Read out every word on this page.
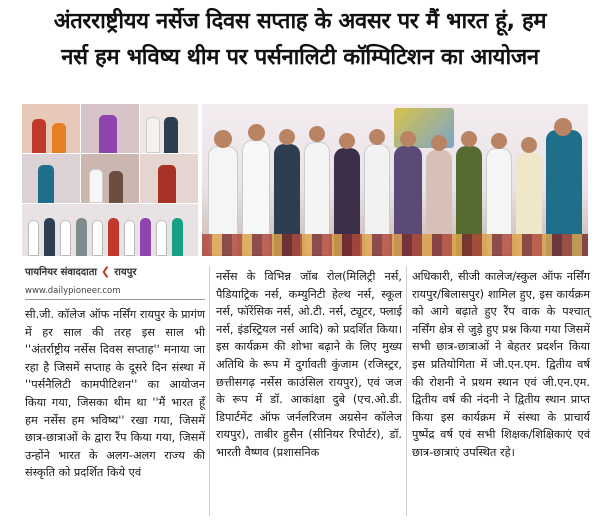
अंतरराष्ट्रीयय नर्सेज दिवस सप्ताह के अवसर पर मैं भारत हूं, हम
नर्स हम भविष्य थीम पर पर्सनालिटी कॉम्पिटिशन का आयोजन
पायनियर संवाददाता ❮ रायपुर
www.dailypioneer.com

सी.जी. कॉलेज ऑफ नर्सिंग रायपुर के प्रागंण में हर साल की तरह इस साल भी ''अंतर्राष्ट्रीय नर्सेस दिवस सप्ताह'' मनाया जा रहा है जिसमें सप्ताह के दूसरे दिन संस्था में ''पर्सनैलिटी कामपीटिशन'' का आयोजन किया गया, जिसका थीम था ''मैं भारत हूँ हम नर्सेस हम भविष्य'' रखा गया, जिसमें छात्र-छात्राओं के द्वारा रैंप किया गया, जिसमें उन्होंने भारत के अलग-अलग राज्य की संस्कृति को प्रदर्शित किये एवं

नर्सेस के विभिन्न जॉब रोल(मिलिट्री नर्स, पैडियाट्रिक नर्स, कम्युनिटी हेल्थ नर्स, स्कूल नर्स, फॉरेंसिक नर्स, ओ.टी. नर्स, ट्यूटर, फ्लाई नर्स, इंडस्ट्रियल नर्स आदि) को प्रदर्शित किया। इस कार्यक्रम की शोभा बढ़ाने के लिए मुख्य अतिथि के रूप में दुर्गावती कुंजाम (रजिस्ट्रर, छत्तीसगढ़ नर्सेस काउंसिल रायपुर), एवं जज के रूप में डॉ. आकांक्षा दुबे (एच.ओ.डी. डिपार्टमेंट ऑफ जर्नलरिजम अग्रसेन कॉलेज रायपुर), ताबीर हुसैन (सीनियर रिपोर्टर), डॉ. भारती वैष्णव (प्रशासनिक

अधिकारी, सीजी कालेज/स्कुल ऑफ नर्सिंग रायपुर/बिलासपुर) शामिल हुए, इस कार्यक्रम को आगे बढ़ाते हुए रैंप वाक के पश्चात् नर्सिंग क्षेत्र से जुड़े हुए प्रश्न किया गया जिसमें सभी छात्र-छात्राओं ने बेहतर प्रदर्शन किया इस प्रतियोगिता में जी.एन.एम. द्वितीय वर्ष की रोशनी ने प्रथम स्थान एवं जी.एन.एम. द्वितीय वर्ष की नंदनी ने द्वितीय स्थान प्राप्त किया इस कार्यक्रम में संस्था के प्राचार्य पुष्पेंद्र वर्ष एवं सभी शिक्षक/शिक्षिकाएं एवं छात्र-छात्राएं उपस्थित रहे।
